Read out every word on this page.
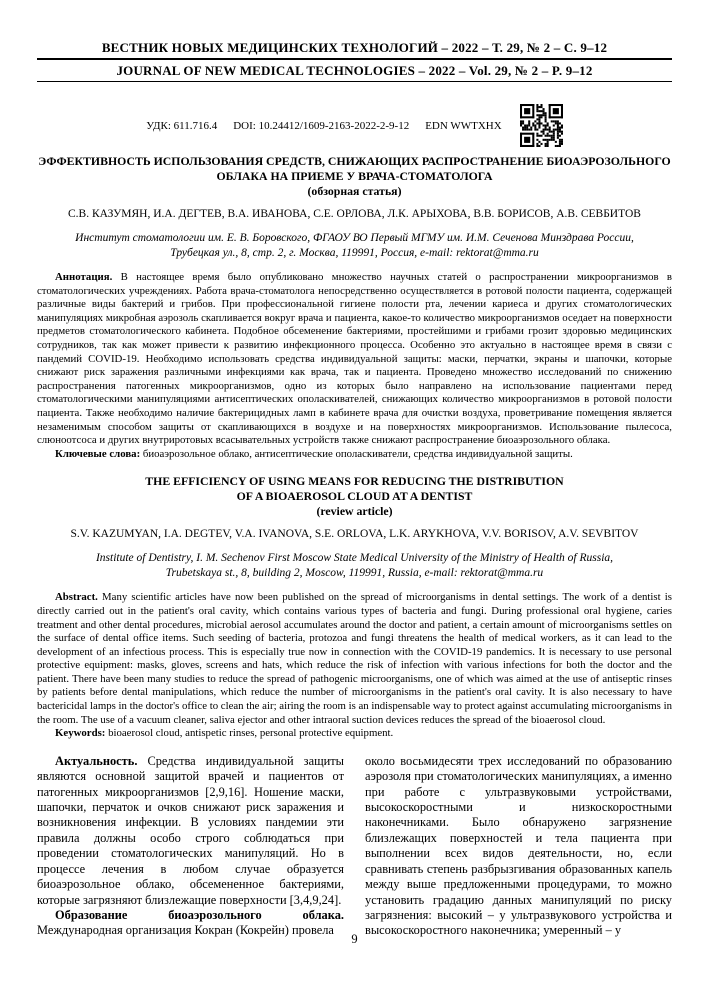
ВЕСТНИК НОВЫХ МЕДИЦИНСКИХ ТЕХНОЛОГИЙ – 2022 – Т. 29, № 2 – С. 9–12
JOURNAL OF NEW MEDICAL TECHNOLOGIES – 2022 – Vol. 29, № 2 – P. 9–12
УДК: 611.716.4 DOI: 10.24412/1609-2163-2022-2-9-12 EDN WWTXHX
ЭФФЕКТИВНОСТЬ ИСПОЛЬЗОВАНИЯ СРЕДСТВ, СНИЖАЮЩИХ РАСПРОСТРАНЕНИЕ БИОАЭРОЗОЛЬНОГО
ОБЛАКА НА ПРИЕМЕ У ВРАЧА-СТОМАТОЛОГА
(обзорная статья)
С.В. КАЗУМЯН, И.А. ДЕГТЕВ, В.А. ИВАНОВА, С.Е. ОРЛОВА, Л.К. АРЫХОВА, В.В. БОРИСОВ, А.В. СЕВБИТОВ
Институт стоматологии им. Е. В. Боровского, ФГАОУ ВО Первый МГМУ им. И.М. Сеченова Минздрава России,
Трубецкая ул., 8, стр. 2, г. Москва, 119991, Россия, e-mail: rektorat@mma.ru

Аннотация. В настоящее время было опубликовано множество научных статей о распространении микроорганизмов в стоматологических учреждениях. Работа врача-стоматолога непосредственно осуществляется в ротовой полости пациента, содержащей различные виды бактерий и грибов. При профессиональной гигиене полости рта, лечении кариеса и других стоматологических манипуляциях микробная аэрозоль скапливается вокруг врача и пациента, какое-то количество микроорганизмов оседает на поверхности предметов стоматологического кабинета. Подобное обсеменение бактериями, простейшими и грибами грозит здоровью медицинских сотрудников, так как может привести к развитию инфекционного процесса. Особенно это актуально в настоящее время в связи с пандемий COVID-19. Необходимо использовать средства индивидуальной защиты: маски, перчатки, экраны и шапочки, которые снижают риск заражения различными инфекциями как врача, так и пациента. Проведено множество исследований по снижению распространения патогенных микроорганизмов, одно из которых было направлено на использование пациентами перед стоматологическими манипуляциями антисептических ополаскивателей, снижающих количество микроорганизмов в ротовой полости пациента. Также необходимо наличие бактерицидных ламп в кабинете врача для очистки воздуха, проветривание помещения является незаменимым способом защиты от скапливающихся в воздухе и на поверхностях микроорганизмов. Использование пылесоса, слюноотсоса и других внутриротовых всасывательных устройств также снижают распространение биоаэрозольного облака.

Ключевые слова: биоаэрозольное облако, антисептические ополаскиватели, средства индивидуальной защиты.

THE EFFICIENCY OF USING MEANS FOR REDUCING THE DISTRIBUTION
OF A BIOAEROSOL CLOUD AT A DENTIST
(review article)
S.V. KAZUMYAN, I.A. DEGTEV, V.A. IVANOVA, S.E. ORLOVA, L.K. ARYKHOVA, V.V. BORISOV, A.V. SEVBITOV
Institute of Dentistry, I. M. Sechenov First Moscow State Medical University of the Ministry of Health of Russia,
Trubetskaya st., 8, building 2, Moscow, 119991, Russia, e-mail: rektorat@mma.ru

Abstract. Many scientific articles have now been published on the spread of microorganisms in dental settings. The work of a dentist is directly carried out in the patient's oral cavity, which contains various types of bacteria and fungi. During professional oral hygiene, caries treatment and other dental procedures, microbial aerosol accumulates around the doctor and patient, a certain amount of microorganisms settles on the surface of dental office items. Such seeding of bacteria, protozoa and fungi threatens the health of medical workers, as it can lead to the development of an infectious process. This is especially true now in connection with the COVID-19 pandemics. It is necessary to use personal protective equipment: masks, gloves, screens and hats, which reduce the risk of infection with various infections for both the doctor and the patient. There have been many studies to reduce the spread of pathogenic microorganisms, one of which was aimed at the use of antiseptic rinses by patients before dental manipulations, which reduce the number of microorganisms in the patient's oral cavity. It is also necessary to have bactericidal lamps in the doctor's office to clean the air; airing the room is an indispensable way to protect against accumulating microorganisms in the room. The use of a vacuum cleaner, saliva ejector and other intraoral suction devices reduces the spread of the bioaerosol cloud.

Keywords: bioaerosol cloud, antispetic rinses, personal protective equipment.

Актуальность. Средства индивидуальной защиты являются основной защитой врачей и пациентов от патогенных микроорганизмов [2,9,16]. Ношение маски, шапочки, перчаток и очков снижают риск заражения и возникновения инфекции. В условиях пандемии эти правила должны особо строго соблюдаться при проведении стоматологических манипуляций. Но в процессе лечения в любом случае образуется биоаэрозольное облако, обсемененное бактериями, которые загрязняют близлежащие поверхности [3,4,9,24].

Образование биоаэрозольного облака. Международная организация Кокран (Кокрейн) провела

около восьмидесяти трех исследований по образованию аэрозоля при стоматологических манипуляциях, а именно при работе с ультразвуковыми устройствами, высокоскоростными и низкоскоростными наконечниками. Было обнаружено загрязнение близлежащих поверхностей и тела пациента при выполнении всех видов деятельности, но, если сравнивать степень разбрызгивания образованных капель между выше предложенными процедурами, то можно установить градацию данных манипуляций по риску загрязнения: высокий – у ультразвукового устройства и высокоскоростного наконечника; умеренный – у

9
